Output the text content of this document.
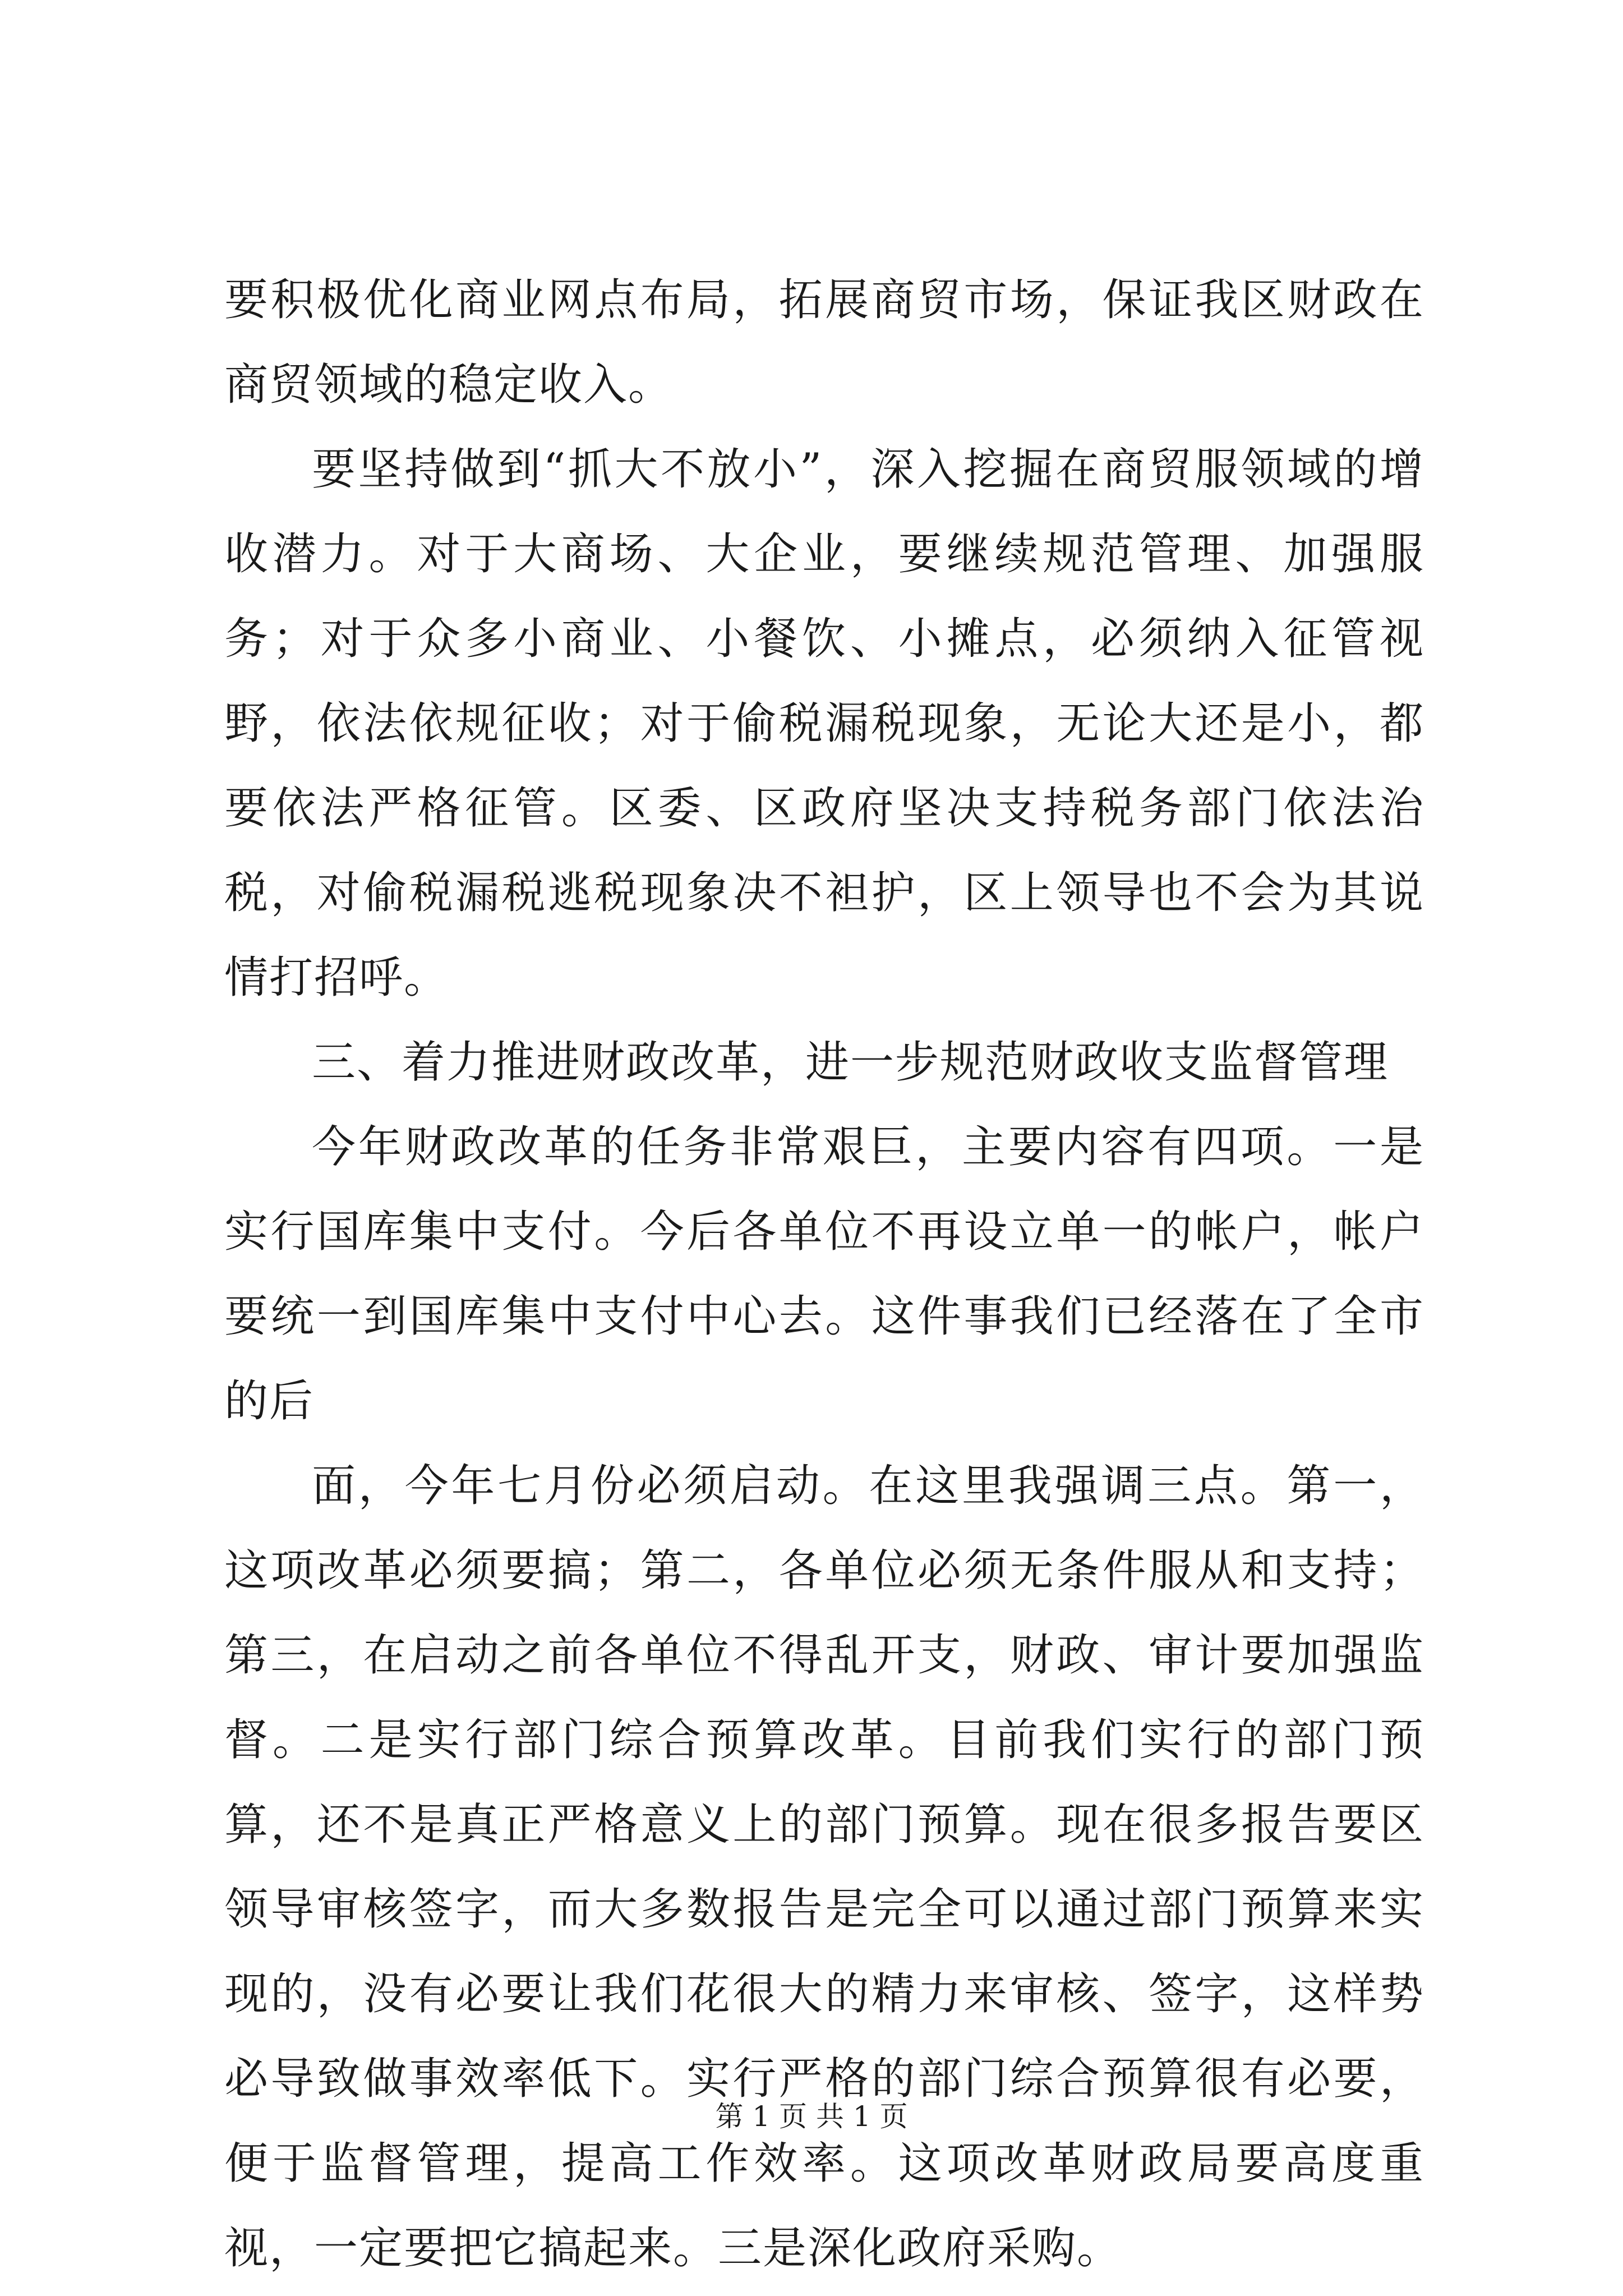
要积极优化商业网点布局，拓展商贸市场，保证我区财政在商贸领域的稳定收入。

要坚持做到“抓大不放小”，深入挖掘在商贸服领域的增收潜力。对于大商场、大企业，要继续规范管理、加强服务；对于众多小商业、小餐饮、小摊点，必须纳入征管视野，依法依规征收；对于偷税漏税现象，无论大还是小，都要依法严格征管。区委、区政府坚决支持税务部门依法治税，对偷税漏税逃税现象决不袒护，区上领导也不会为其说情打招呼。

三、着力推进财政改革，进一步规范财政收支监督管理

今年财政改革的任务非常艰巨，主要内容有四项。一是实行国库集中支付。今后各单位不再设立单一的帐户，帐户要统一到国库集中支付中心去。这件事我们已经落在了全市的后

面，今年七月份必须启动。在这里我强调三点。第一，这项改革必须要搞；第二，各单位必须无条件服从和支持；第三，在启动之前各单位不得乱开支，财政、审计要加强监督。二是实行部门综合预算改革。目前我们实行的部门预算，还不是真正严格意义上的部门预算。现在很多报告要区领导审核签字，而大多数报告是完全可以通过部门预算来实现的，没有必要让我们花很大的精力来审核、签字，这样势必导致做事效率低下。实行严格的部门综合预算很有必要，便于监督管理，提高工作效率。这项改革财政局要高度重视，一定要把它搞起来。三是深化政府采购。

第 1 页 共 1 页
